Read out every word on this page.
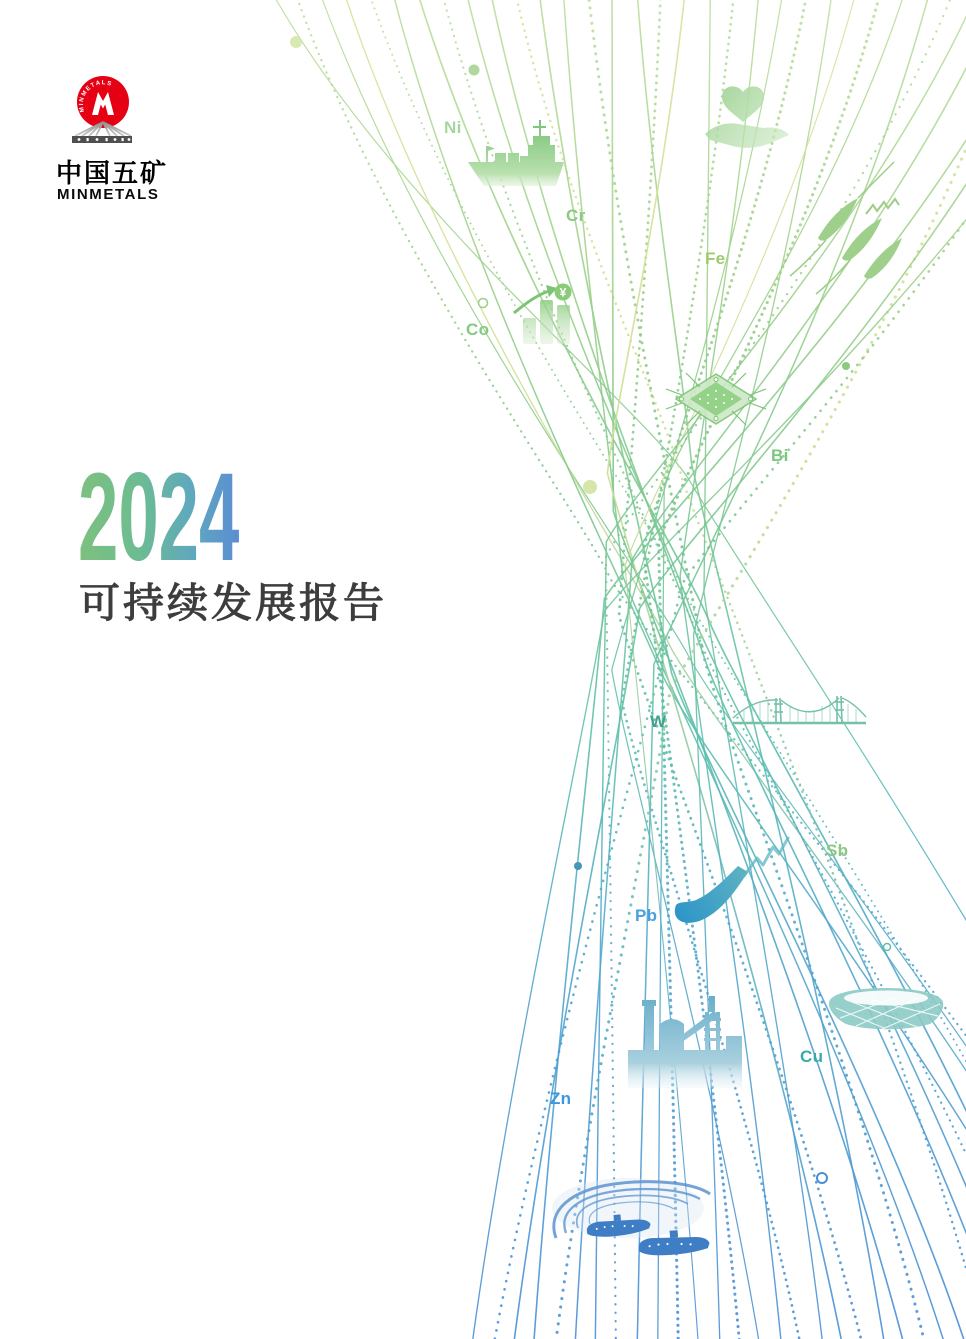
¥
MINMETALS
中国五矿
MINMETALS
2024
可持续发展报告
Ni
Cr
Fe
Co
Bi
W
Sb
Pb
Cu
Zn
